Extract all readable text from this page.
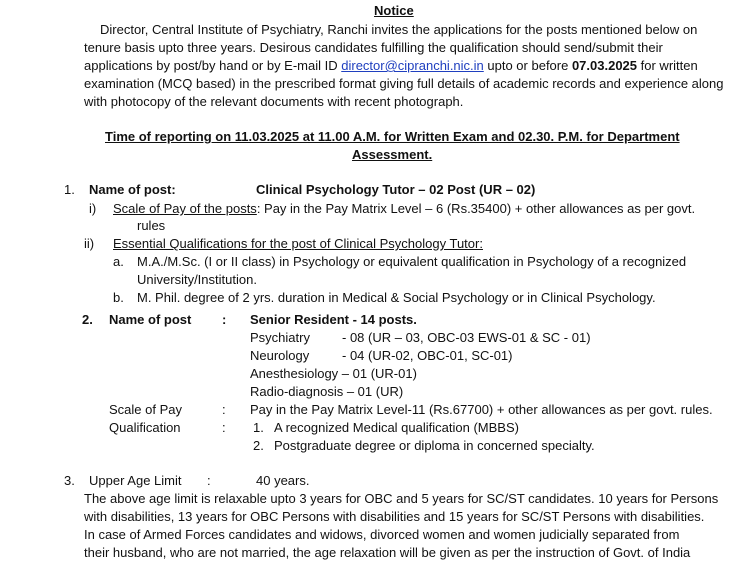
Notice
Director, Central Institute of Psychiatry, Ranchi invites the applications for the posts mentioned below on
tenure basis upto three years. Desirous candidates fulfilling the qualification should send/submit their
applications by post/by hand or by E-mail ID director@cipranchi.nic.in upto or before 07.03.2025 for written
examination (MCQ based) in the prescribed format giving full details of academic records and experience along
with photocopy of the relevant documents with recent photograph.
Time of reporting on 11.03.2025 at 11.00 A.M. for Written Exam and 02.30. P.M. for Department
Assessment.
1. Name of post:	Clinical Psychology Tutor – 02 Post (UR – 02)
i) Scale of Pay of the posts: Pay in the Pay Matrix Level – 6 (Rs.35400) + other allowances as per govt.
rules
ii) Essential Qualifications for the post of Clinical Psychology Tutor:
a. M.A./M.Sc. (I or II class) in Psychology or equivalent qualification in Psychology of a recognized
University/Institution.
b. M. Phil. degree of 2 yrs. duration in Medical & Social Psychology or in Clinical Psychology.
2. Name of post : Senior Resident - 14 posts.
Psychiatry - 08 (UR – 03, OBC-03 EWS-01 & SC - 01)
Neurology	- 04 (UR-02, OBC-01, SC-01)
Anesthesiology – 01 (UR-01)
Radio-diagnosis – 01 (UR)
Scale of Pay	: Pay in the Pay Matrix Level-11 (Rs.67700) + other allowances as per govt. rules.
Qualification	: 1. A recognized Medical qualification (MBBS)
2. Postgraduate degree or diploma in concerned specialty.
3. Upper Age Limit :	40 years.
The above age limit is relaxable upto 3 years for OBC and 5 years for SC/ST candidates. 10 years for Persons
with disabilities, 13 years for OBC Persons with disabilities and 15 years for SC/ST Persons with disabilities.
In case of Armed Forces candidates and widows, divorced women and women judicially separated from
their husband, who are not married, the age relaxation will be given as per the instruction of Govt. of India
